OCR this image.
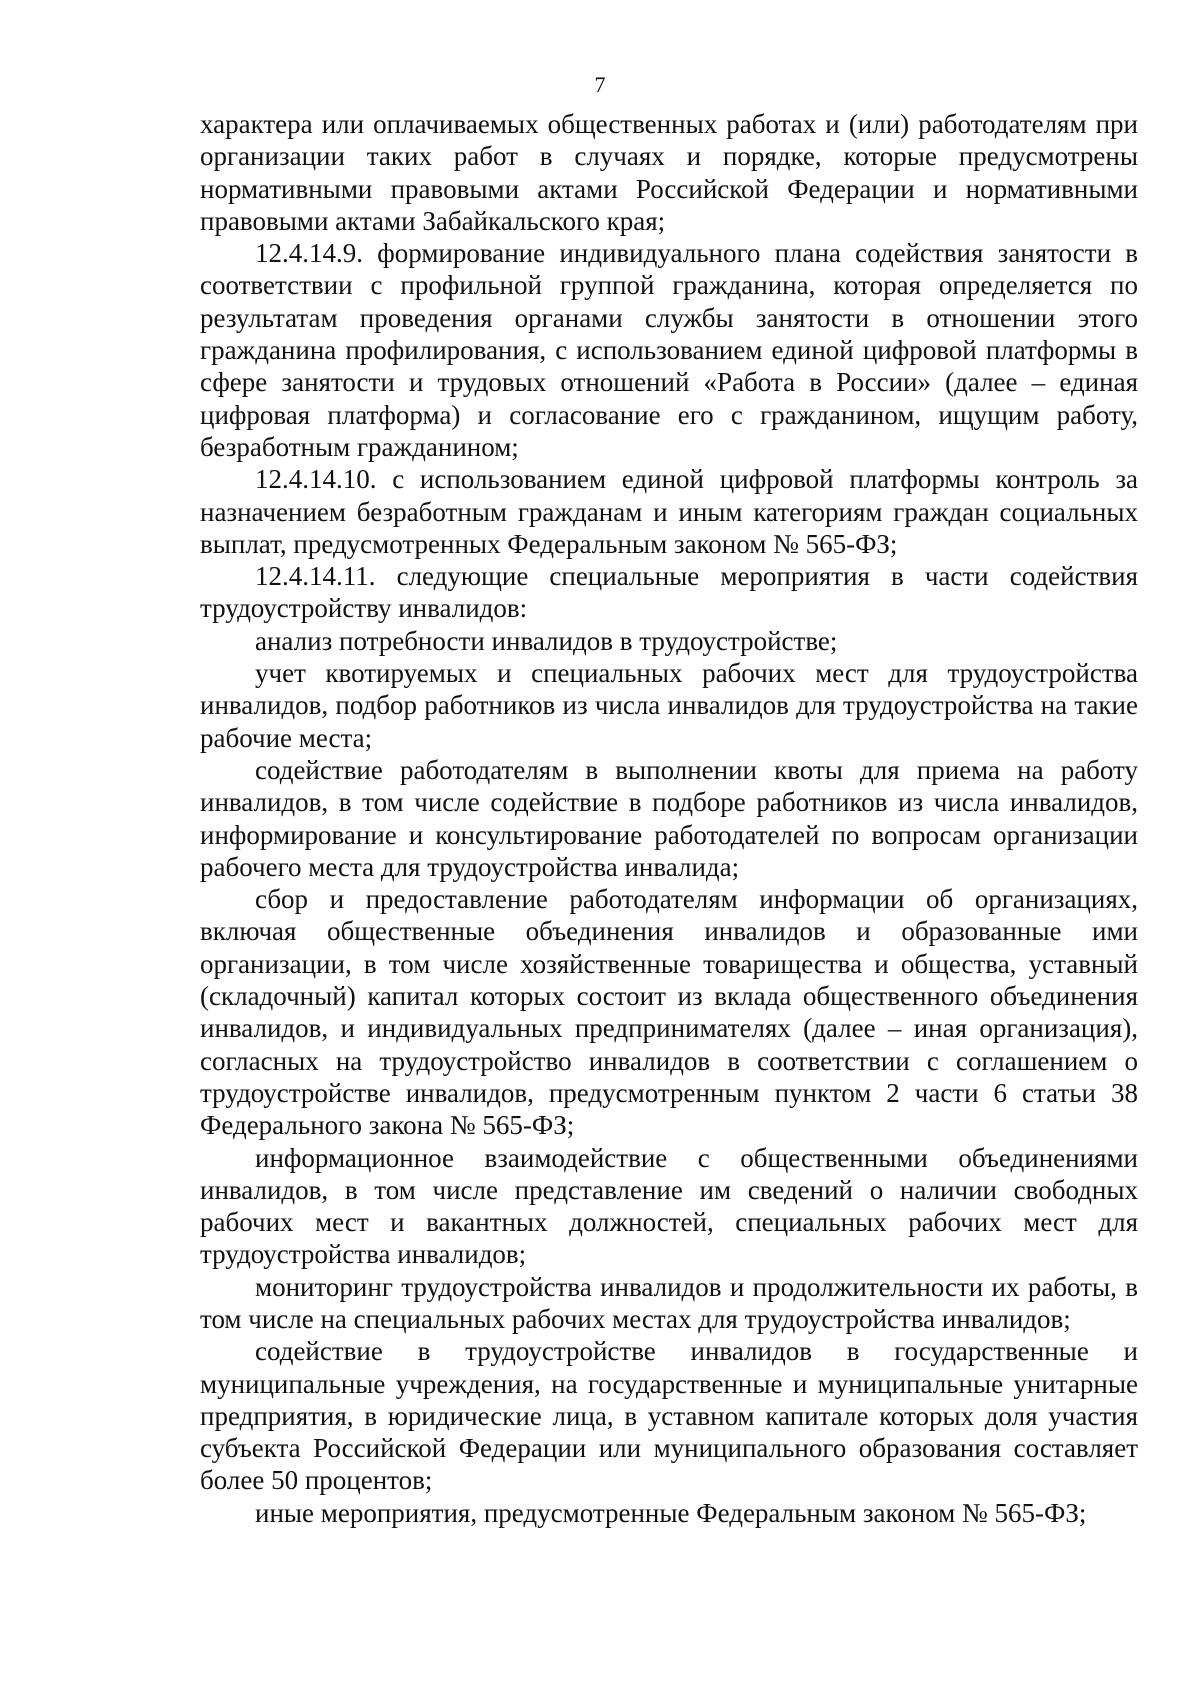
7

характера или оплачиваемых общественных работах и (или) работодателям при организации таких работ в случаях и порядке, которые предусмотрены нормативными правовыми актами Российской Федерации и нормативными правовыми актами Забайкальского края;

12.4.14.9. формирование индивидуального плана содействия занятости в соответствии с профильной группой гражданина, которая определяется по результатам проведения органами службы занятости в отношении этого гражданина профилирования, с использованием единой цифровой платформы в сфере занятости и трудовых отношений «Работа в России» (далее – единая цифровая платформа) и согласование его с гражданином, ищущим работу, безработным гражданином;

12.4.14.10. с использованием единой цифровой платформы контроль за назначением безработным гражданам и иным категориям граждан социальных выплат, предусмотренных Федеральным законом № 565-ФЗ;

12.4.14.11. следующие специальные мероприятия в части содействия трудоустройству инвалидов:

анализ потребности инвалидов в трудоустройстве;

учет квотируемых и специальных рабочих мест для трудоустройства инвалидов, подбор работников из числа инвалидов для трудоустройства на такие рабочие места;

содействие работодателям в выполнении квоты для приема на работу инвалидов, в том числе содействие в подборе работников из числа инвалидов, информирование и консультирование работодателей по вопросам организации рабочего места для трудоустройства инвалида;

сбор и предоставление работодателям информации об организациях, включая общественные объединения инвалидов и образованные ими организации, в том числе хозяйственные товарищества и общества, уставный (складочный) капитал которых состоит из вклада общественного объединения инвалидов, и индивидуальных предпринимателях (далее – иная организация), согласных на трудоустройство инвалидов в соответствии с соглашением о трудоустройстве инвалидов, предусмотренным пунктом 2 части 6 статьи 38 Федерального закона № 565-ФЗ;

информационное взаимодействие с общественными объединениями инвалидов, в том числе представление им сведений о наличии свободных рабочих мест и вакантных должностей, специальных рабочих мест для трудоустройства инвалидов;

мониторинг трудоустройства инвалидов и продолжительности их работы, в том числе на специальных рабочих местах для трудоустройства инвалидов;

содействие в трудоустройстве инвалидов в государственные и муниципальные учреждения, на государственные и муниципальные унитарные предприятия, в юридические лица, в уставном капитале которых доля участия субъекта Российской Федерации или муниципального образования составляет более 50 процентов;

иные мероприятия, предусмотренные Федеральным законом № 565-ФЗ;
